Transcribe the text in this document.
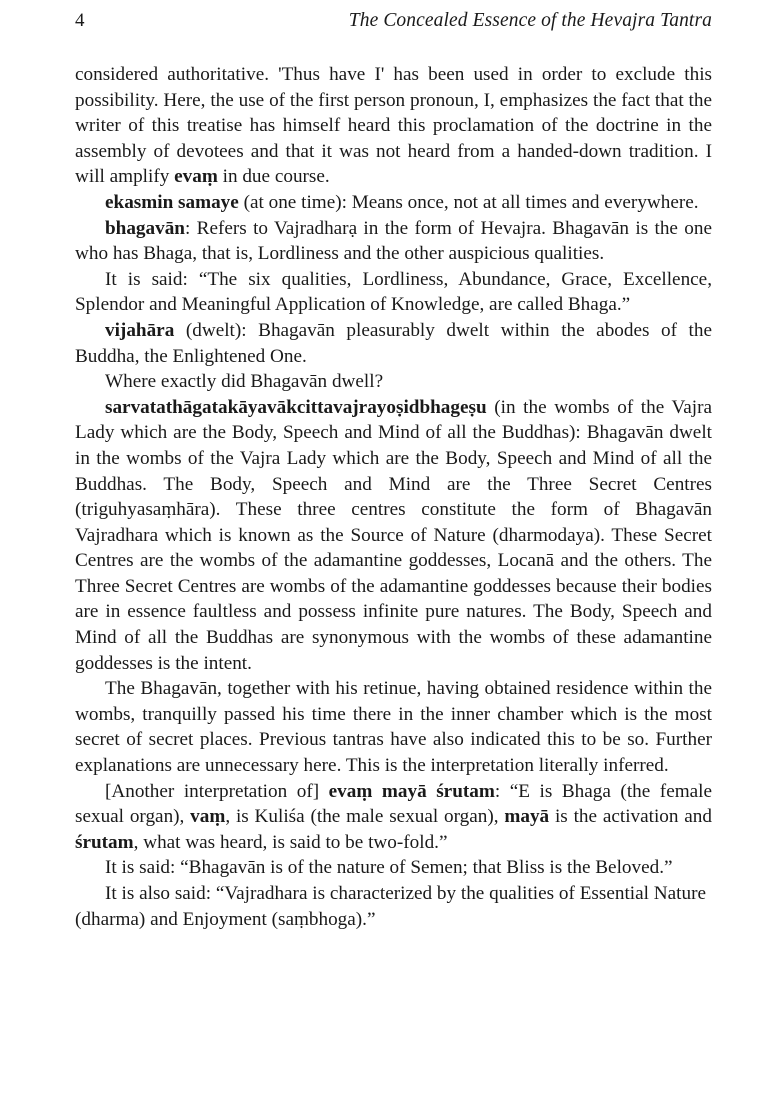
4	The Concealed Essence of the Hevajra Tantra

considered authoritative. 'Thus have I' has been used in order to exclude this possibility. Here, the use of the first person pronoun, I, emphasizes the fact that the writer of this treatise has himself heard this proclamation of the doctrine in the assembly of devotees and that it was not heard from a handed-down tradition. I will amplify evaṃ in due course.

ekasmin samaye (at one time): Means once, not at all times and everywhere.

bhagavān: Refers to Vajradharạ in the form of Hevajra. Bhagavān is the one who has Bhaga, that is, Lordliness and the other auspicious qualities.

It is said: “The six qualities, Lordliness, Abundance, Grace, Excellence, Splendor and Meaningful Application of Knowledge, are called Bhaga.”

vijahāra (dwelt): Bhagavān pleasurably dwelt within the abodes of the Buddha, the Enlightened One.

Where exactly did Bhagavān dwell?

sarvatathāgatakāyavākcittavajrayoṣidbhageṣu (in the wombs of the Vajra Lady which are the Body, Speech and Mind of all the Buddhas): Bhagavān dwelt in the wombs of the Vajra Lady which are the Body, Speech and Mind of all the Buddhas. The Body, Speech and Mind are the Three Secret Centres (triguhyasaṃhāra). These three centres constitute the form of Bhagavān Vajradhara which is known as the Source of Nature (dharmodaya). These Secret Centres are the wombs of the adamantine goddesses, Locanā and the others. The Three Secret Centres are wombs of the adamantine goddesses because their bodies are in essence faultless and possess infinite pure natures. The Body, Speech and Mind of all the Buddhas are synonymous with the wombs of these adamantine goddesses is the intent.

The Bhagavān, together with his retinue, having obtained residence within the wombs, tranquilly passed his time there in the inner chamber which is the most secret of secret places. Previous tantras have also indicated this to be so. Further explanations are unnecessary here. This is the interpretation literally inferred.

[Another interpretation of] evaṃ mayā śrutam: “E is Bhaga (the female sexual organ), vaṃ, is Kuliśa (the male sexual organ), mayā is the activation and śrutam, what was heard, is said to be two-fold.”

It is said: “Bhagavān is of the nature of Semen; that Bliss is the Beloved.”

It is also said: “Vajradhara is characterized by the qualities of Essential Nature (dharma) and Enjoyment (saṃbhoga).”
